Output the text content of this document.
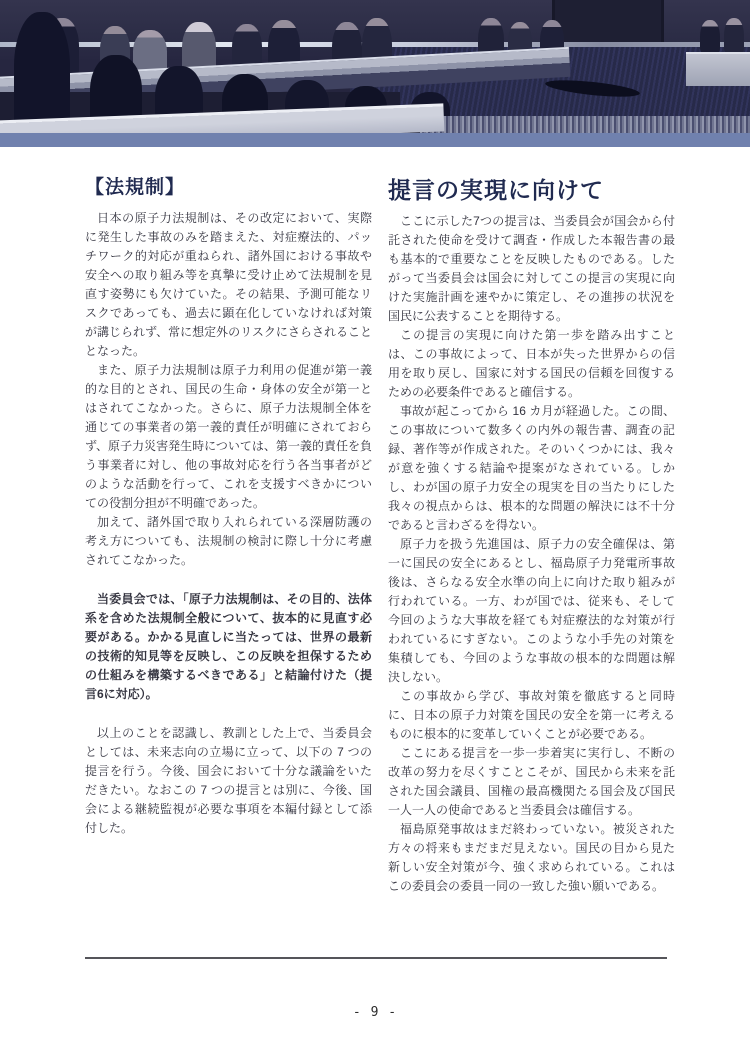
【法規制】

日本の原子力法規制は、その改定において、実際に発生した事故のみを踏まえた、対症療法的、パッチワーク的対応が重ねられ、諸外国における事故や安全への取り組み等を真摯に受け止めて法規制を見直す姿勢にも欠けていた。その結果、予測可能なリスクであっても、過去に顕在化していなければ対策が講じられず、常に想定外のリスクにさらされることとなった。

また、原子力法規制は原子力利用の促進が第一義的な目的とされ、国民の生命・身体の安全が第一とはされてこなかった。さらに、原子力法規制全体を通じての事業者の第一義的責任が明確にされておらず、原子力災害発生時については、第一義的責任を負う事業者に対し、他の事故対応を行う各当事者がどのような活動を行って、これを支援すべきかについての役割分担が不明確であった。

加えて、諸外国で取り入れられている深層防護の考え方についても、法規制の検討に際し十分に考慮されてこなかった。

当委員会では、「原子力法規制は、その目的、法体系を含めた法規制全般について、抜本的に見直す必要がある。かかる見直しに当たっては、世界の最新の技術的知見等を反映し、この反映を担保するための仕組みを構築するべきである」と結論付けた（提言6に対応）。

以上のことを認識し、教訓とした上で、当委員会としては、未来志向の立場に立って、以下の 7 つの提言を行う。今後、国会において十分な議論をいただきたい。なおこの 7 つの提言とは別に、今後、国会による継続監視が必要な事項を本編付録として添付した。

提言の実現に向けて

ここに示した7つの提言は、当委員会が国会から付託された使命を受けて調査・作成した本報告書の最も基本的で重要なことを反映したものである。したがって当委員会は国会に対してこの提言の実現に向けた実施計画を速やかに策定し、その進捗の状況を国民に公表することを期待する。

この提言の実現に向けた第一歩を踏み出すことは、この事故によって、日本が失った世界からの信用を取り戻し、国家に対する国民の信頼を回復するための必要条件であると確信する。

事故が起こってから 16 カ月が経過した。この間、この事故について数多くの内外の報告書、調査の記録、著作等が作成された。そのいくつかには、我々が意を強くする結論や提案がなされている。しかし、わが国の原子力安全の現実を目の当たりにした我々の視点からは、根本的な問題の解決には不十分であると言わざるを得ない。

原子力を扱う先進国は、原子力の安全確保は、第一に国民の安全にあるとし、福島原子力発電所事故後は、さらなる安全水準の向上に向けた取り組みが行われている。一方、わが国では、従来も、そして今回のような大事故を経ても対症療法的な対策が行われているにすぎない。このような小手先の対策を集積しても、今回のような事故の根本的な問題は解決しない。

この事故から学び、事故対策を徹底すると同時に、日本の原子力対策を国民の安全を第一に考えるものに根本的に変革していくことが必要である。

ここにある提言を一歩一歩着実に実行し、不断の改革の努力を尽くすことこそが、国民から未来を託された国会議員、国権の最高機関たる国会及び国民一人一人の使命であると当委員会は確信する。

福島原発事故はまだ終わっていない。被災された方々の将来もまだまだ見えない。国民の目から見た新しい安全対策が今、強く求められている。これはこの委員会の委員一同の一致した強い願いである。

- 9 -
